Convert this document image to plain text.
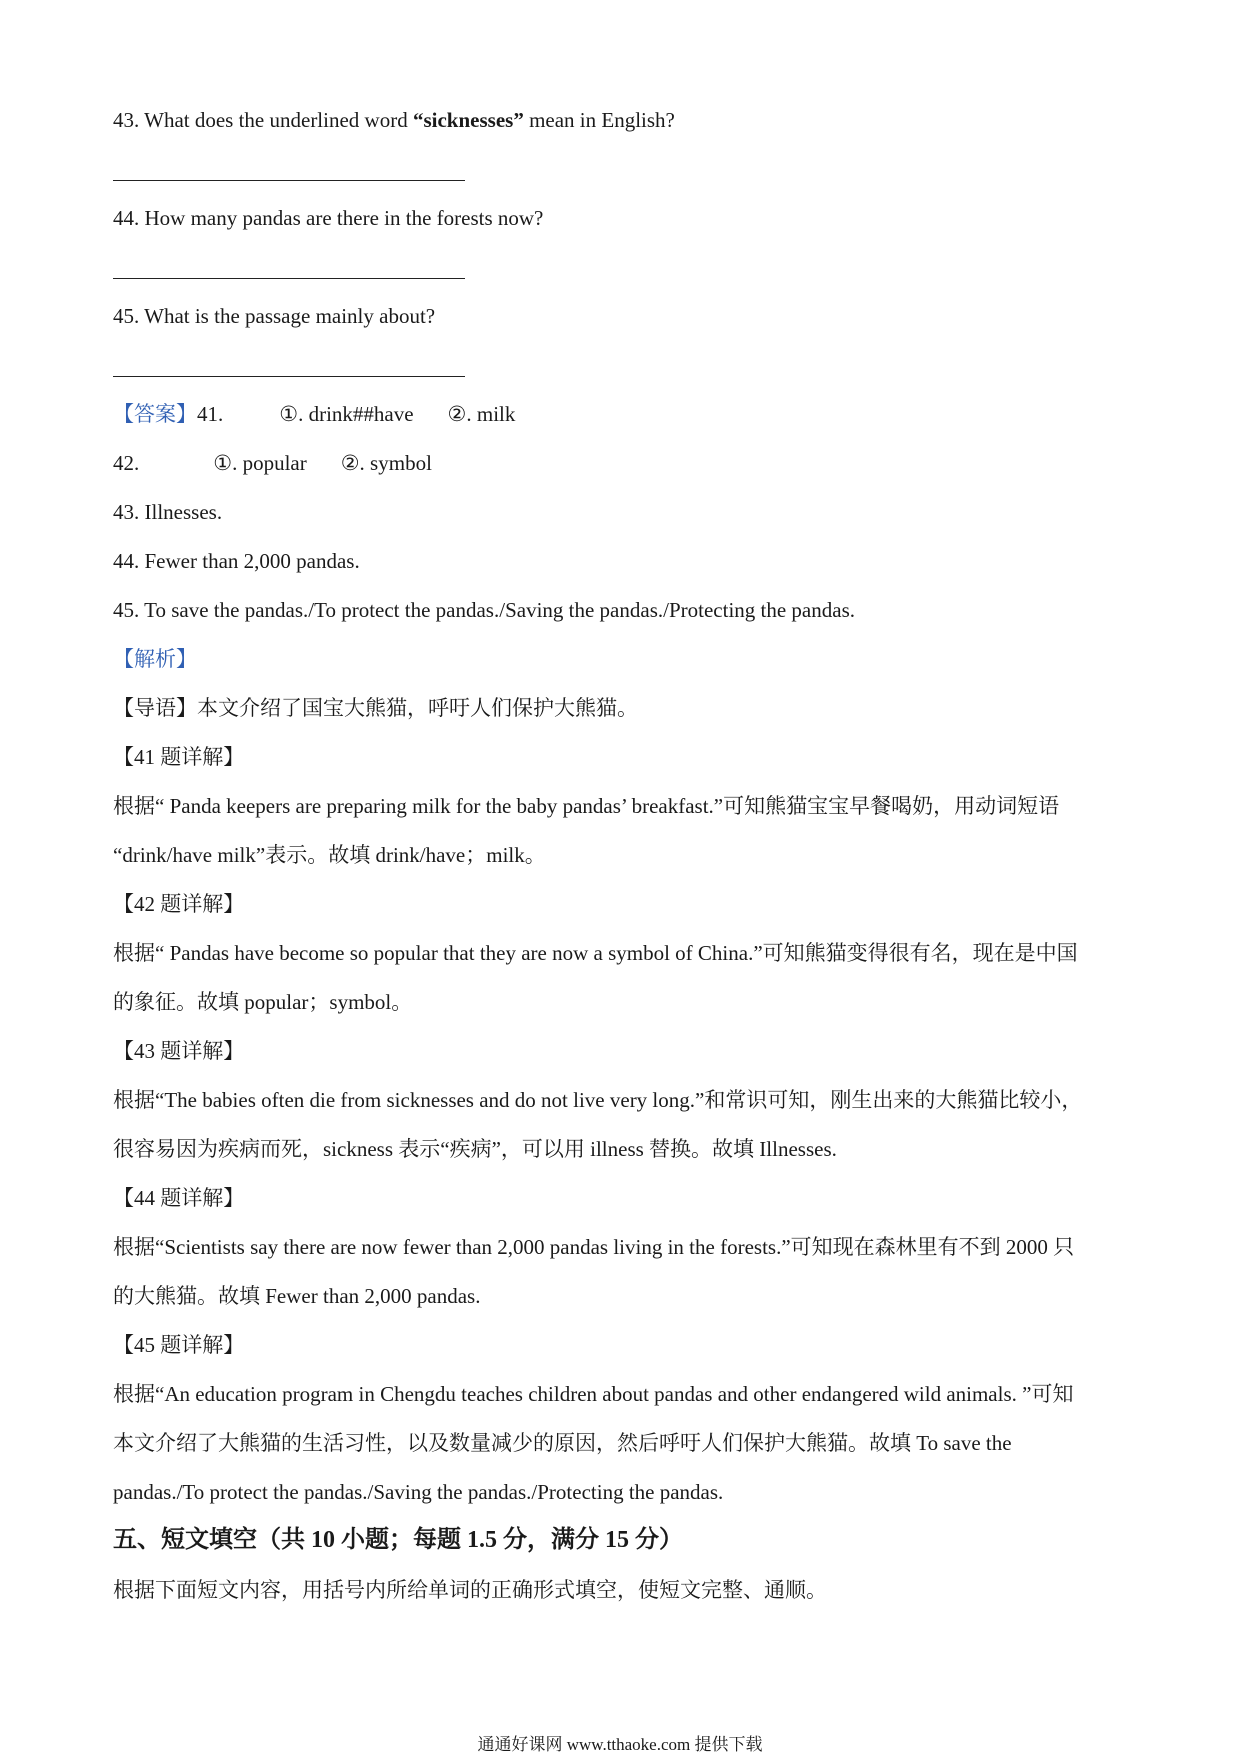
43. What does the underlined word “sicknesses” mean in English?
44. How many pandas are there in the forests now?
45. What is the passage mainly about?
【答案】41.	①. drink##have ②. milk
42.	①. popular ②. symbol
43. Illnesses.
44. Fewer than 2,000 pandas.
45. To save the pandas./To protect the pandas./Saving the pandas./Protecting the pandas.
【解析】
【导语】本文介绍了国宝大熊猫，呼吁人们保护大熊猫。
【41 题详解】
根据“ Panda keepers are preparing milk for the baby pandas’ breakfast.”可知熊猫宝宝早餐喝奶，用动词短语
“drink/have milk”表示。故填 drink/have；milk。
【42 题详解】
根据“ Pandas have become so popular that they are now a symbol of China.”可知熊猫变得很有名，现在是中国
的象征。故填 popular；symbol。
【43 题详解】
根据“The babies often die from sicknesses and do not live very long.”和常识可知，刚生出来的大熊猫比较小，
很容易因为疾病而死，sickness 表示“疾病”，可以用 illness 替换。故填 Illnesses.
【44 题详解】
根据“Scientists say there are now fewer than 2,000 pandas living in the forests.”可知现在森林里有不到 2000 只
的大熊猫。故填 Fewer than 2,000 pandas.
【45 题详解】
根据“An education program in Chengdu teaches children about pandas and other endangered wild animals. ”可知
本文介绍了大熊猫的生活习性，以及数量减少的原因，然后呼吁人们保护大熊猫。故填 To save the
pandas./To protect the pandas./Saving the pandas./Protecting the pandas.
五、短文填空（共 10 小题；每题 1.5 分，满分 15 分）
根据下面短文内容，用括号内所给单词的正确形式填空，使短文完整、通顺。
通通好课网 www.tthaoke.com 提供下载
